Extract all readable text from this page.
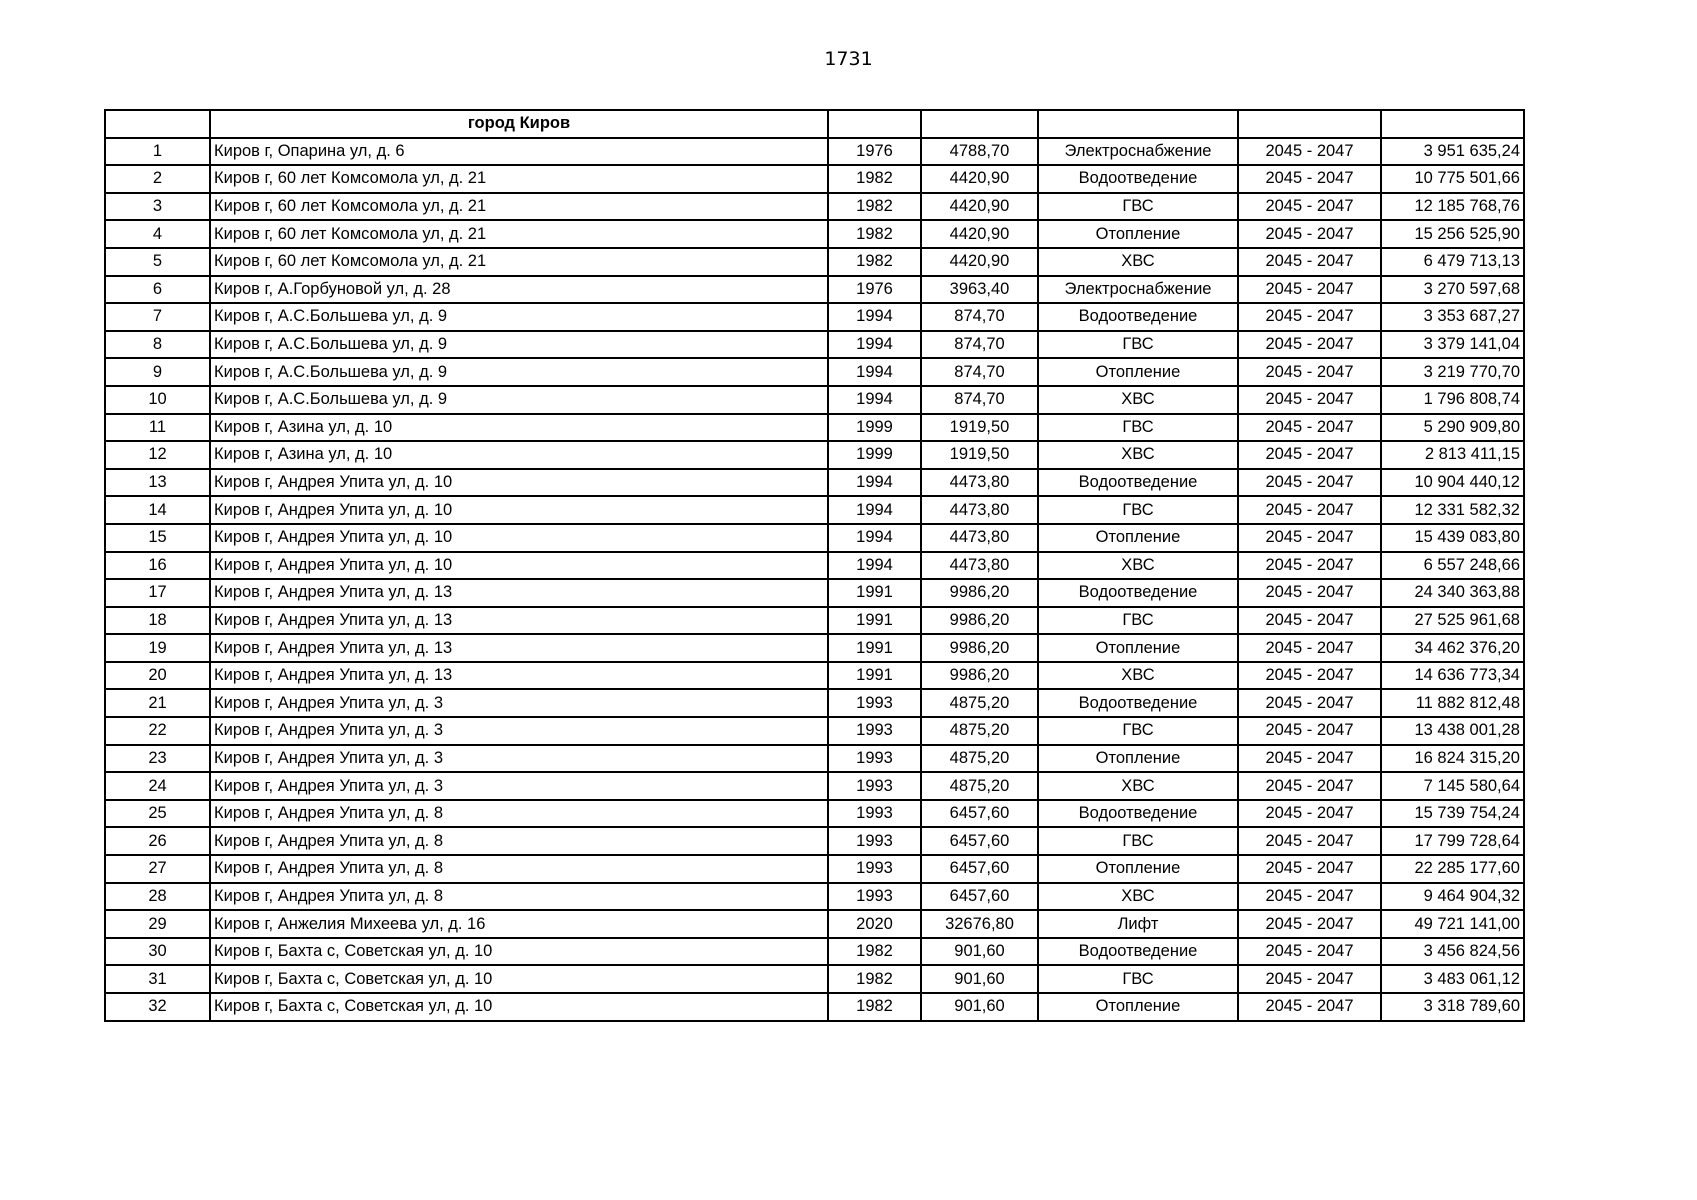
1731
	город Киров					
1	Киров г, Опарина ул, д. 6	1976	4788,70	Электроснабжение	2045 - 2047	3 951 635,24
2	Киров г, 60 лет Комсомола ул, д. 21	1982	4420,90	Водоотведение	2045 - 2047	10 775 501,66
3	Киров г, 60 лет Комсомола ул, д. 21	1982	4420,90	ГВС	2045 - 2047	12 185 768,76
4	Киров г, 60 лет Комсомола ул, д. 21	1982	4420,90	Отопление	2045 - 2047	15 256 525,90
5	Киров г, 60 лет Комсомола ул, д. 21	1982	4420,90	ХВС	2045 - 2047	6 479 713,13
6	Киров г, А.Горбуновой ул, д. 28	1976	3963,40	Электроснабжение	2045 - 2047	3 270 597,68
7	Киров г, А.С.Большева ул, д. 9	1994	874,70	Водоотведение	2045 - 2047	3 353 687,27
8	Киров г, А.С.Большева ул, д. 9	1994	874,70	ГВС	2045 - 2047	3 379 141,04
9	Киров г, А.С.Большева ул, д. 9	1994	874,70	Отопление	2045 - 2047	3 219 770,70
10	Киров г, А.С.Большева ул, д. 9	1994	874,70	ХВС	2045 - 2047	1 796 808,74
11	Киров г, Азина ул, д. 10	1999	1919,50	ГВС	2045 - 2047	5 290 909,80
12	Киров г, Азина ул, д. 10	1999	1919,50	ХВС	2045 - 2047	2 813 411,15
13	Киров г, Андрея Упита ул, д. 10	1994	4473,80	Водоотведение	2045 - 2047	10 904 440,12
14	Киров г, Андрея Упита ул, д. 10	1994	4473,80	ГВС	2045 - 2047	12 331 582,32
15	Киров г, Андрея Упита ул, д. 10	1994	4473,80	Отопление	2045 - 2047	15 439 083,80
16	Киров г, Андрея Упита ул, д. 10	1994	4473,80	ХВС	2045 - 2047	6 557 248,66
17	Киров г, Андрея Упита ул, д. 13	1991	9986,20	Водоотведение	2045 - 2047	24 340 363,88
18	Киров г, Андрея Упита ул, д. 13	1991	9986,20	ГВС	2045 - 2047	27 525 961,68
19	Киров г, Андрея Упита ул, д. 13	1991	9986,20	Отопление	2045 - 2047	34 462 376,20
20	Киров г, Андрея Упита ул, д. 13	1991	9986,20	ХВС	2045 - 2047	14 636 773,34
21	Киров г, Андрея Упита ул, д. 3	1993	4875,20	Водоотведение	2045 - 2047	11 882 812,48
22	Киров г, Андрея Упита ул, д. 3	1993	4875,20	ГВС	2045 - 2047	13 438 001,28
23	Киров г, Андрея Упита ул, д. 3	1993	4875,20	Отопление	2045 - 2047	16 824 315,20
24	Киров г, Андрея Упита ул, д. 3	1993	4875,20	ХВС	2045 - 2047	7 145 580,64
25	Киров г, Андрея Упита ул, д. 8	1993	6457,60	Водоотведение	2045 - 2047	15 739 754,24
26	Киров г, Андрея Упита ул, д. 8	1993	6457,60	ГВС	2045 - 2047	17 799 728,64
27	Киров г, Андрея Упита ул, д. 8	1993	6457,60	Отопление	2045 - 2047	22 285 177,60
28	Киров г, Андрея Упита ул, д. 8	1993	6457,60	ХВС	2045 - 2047	9 464 904,32
29	Киров г, Анжелия Михеева ул, д. 16	2020	32676,80	Лифт	2045 - 2047	49 721 141,00
30	Киров г, Бахта с, Советская ул, д. 10	1982	901,60	Водоотведение	2045 - 2047	3 456 824,56
31	Киров г, Бахта с, Советская ул, д. 10	1982	901,60	ГВС	2045 - 2047	3 483 061,12
32	Киров г, Бахта с, Советская ул, д. 10	1982	901,60	Отопление	2045 - 2047	3 318 789,60
